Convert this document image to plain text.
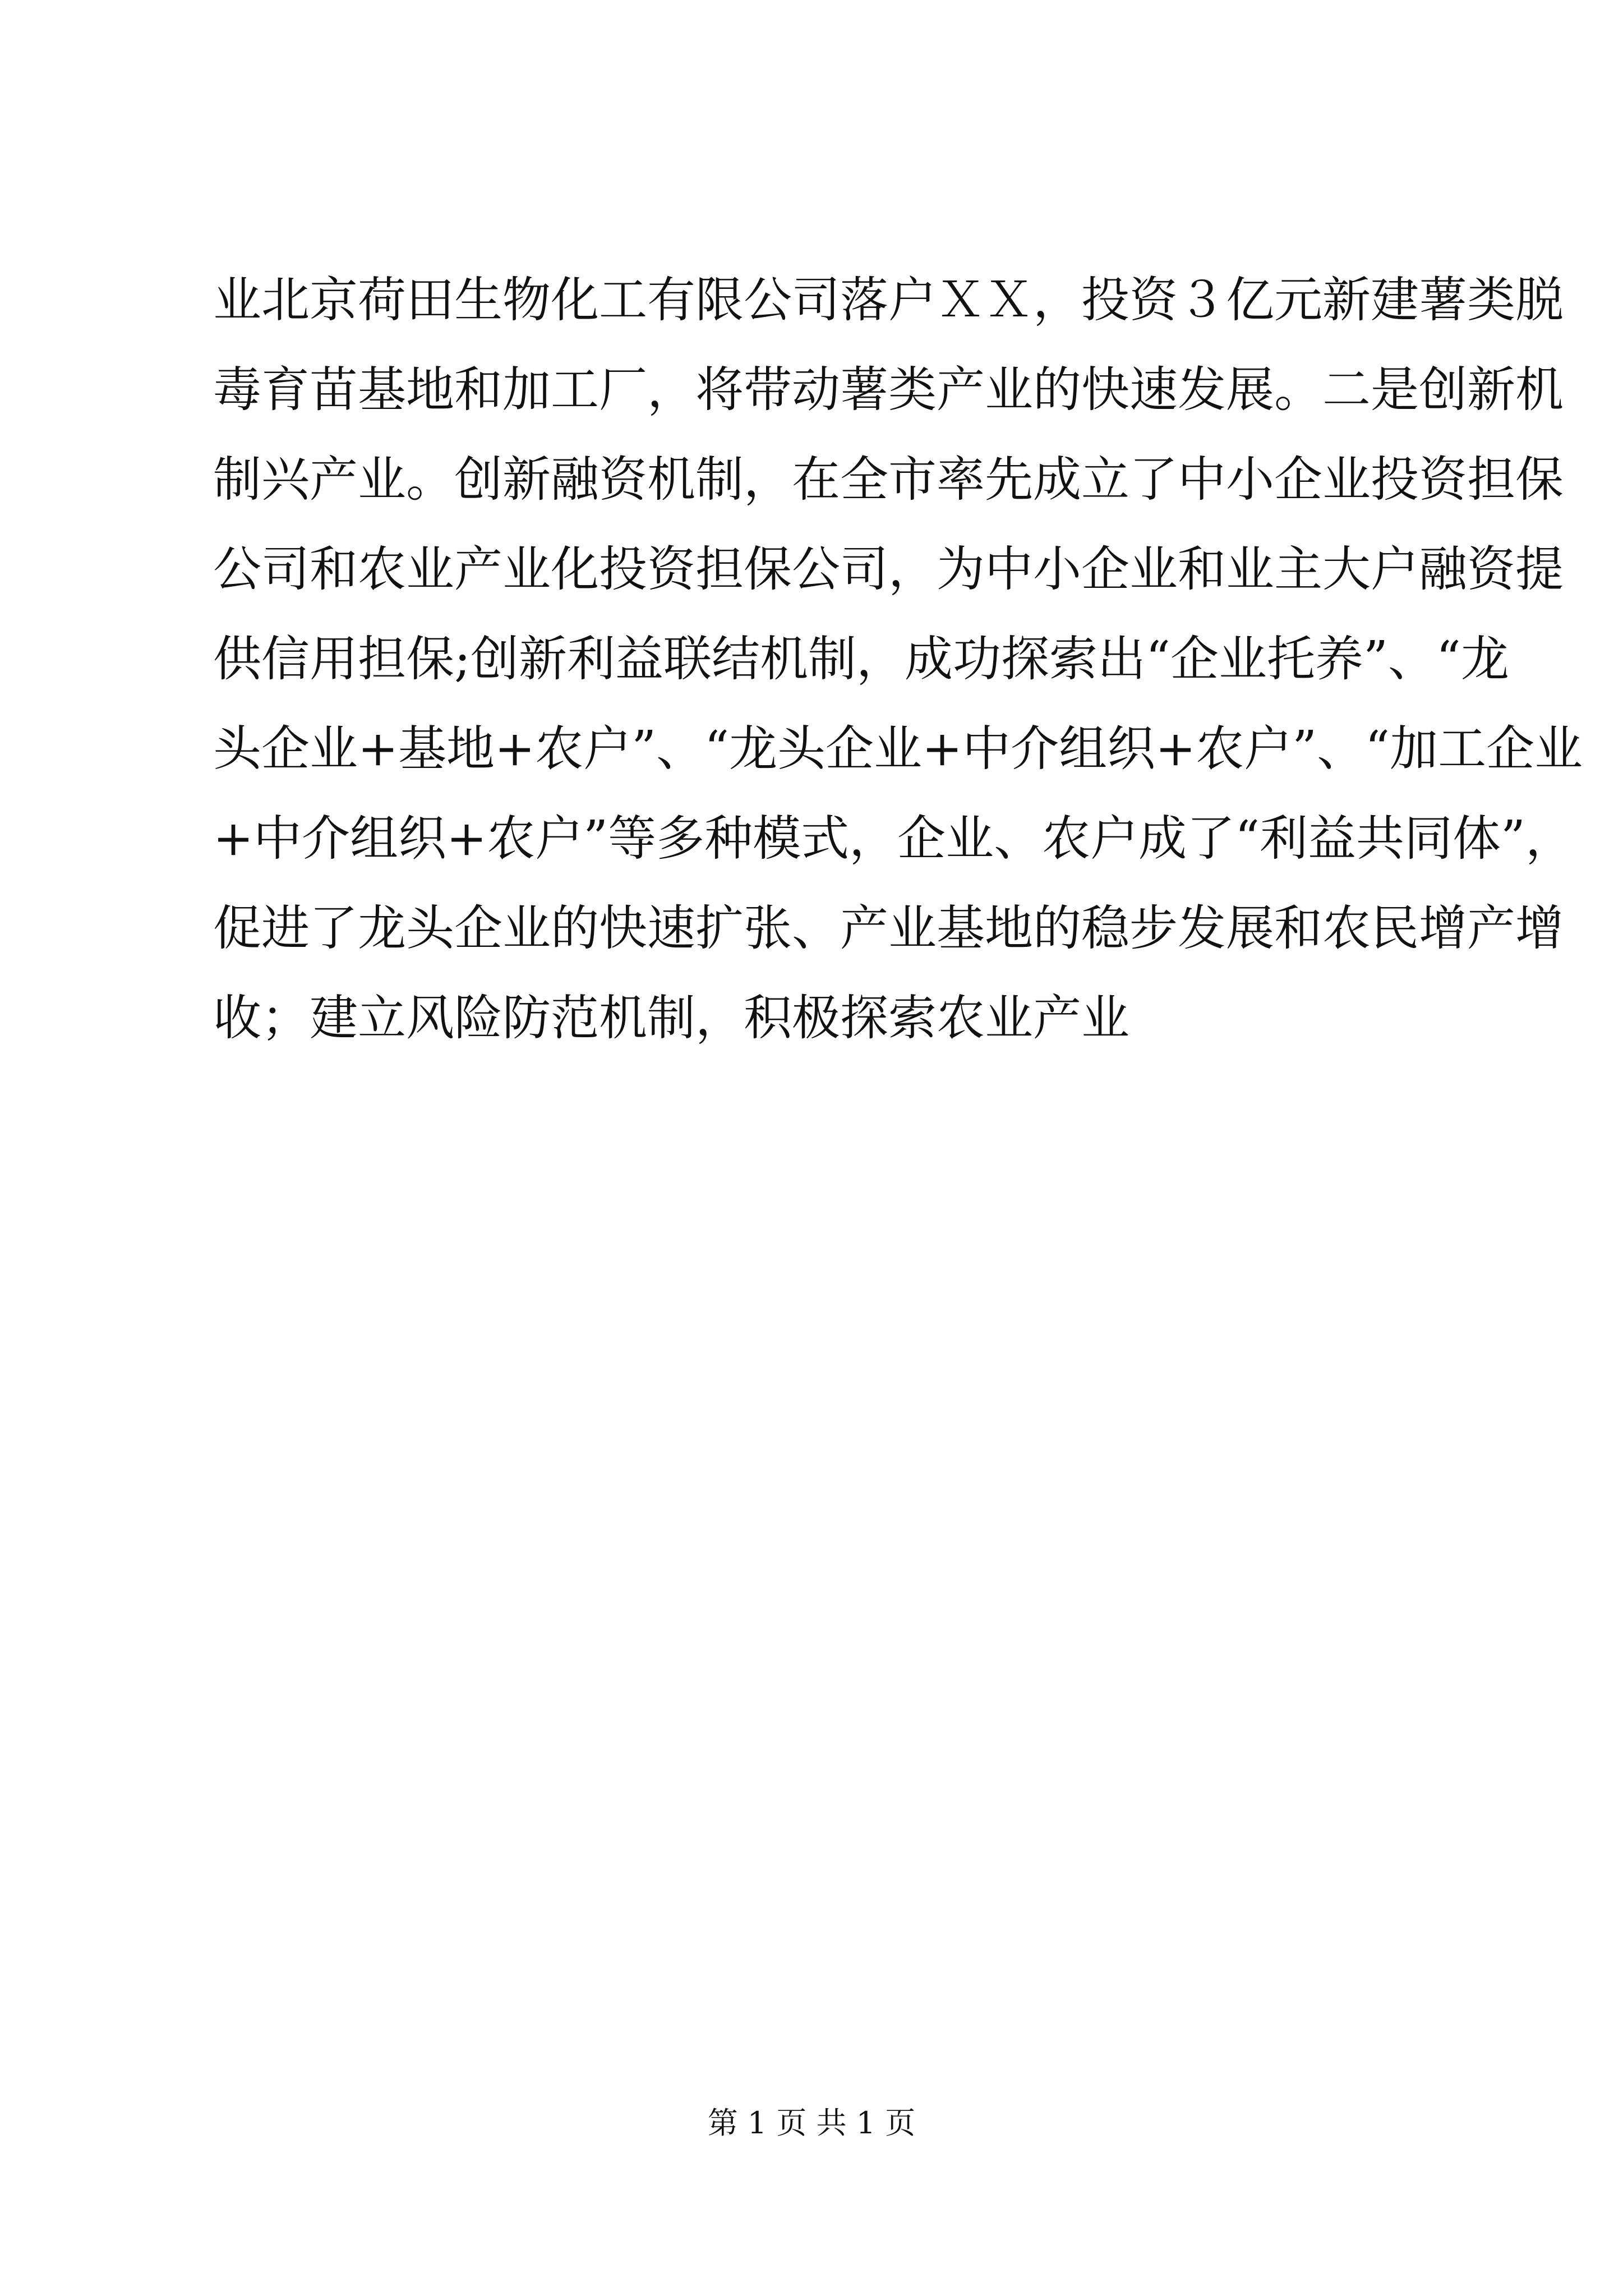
业北京荷田生物化工有限公司落户ＸＸ，投资３亿元新建薯类脱
毒育苗基地和加工厂，将带动薯类产业的快速发展。二是创新机
制兴产业。创新融资机制，在全市率先成立了中小企业投资担保
公司和农业产业化投资担保公司，为中小企业和业主大户融资提
供信用担保;创新利益联结机制，成功探索出“企业托养”、“龙
头企业+基地+农户”、“龙头企业+中介组织+农户”、“加工企业
+中介组织+农户”等多种模式，企业、农户成了“利益共同体”，
促进了龙头企业的快速扩张、产业基地的稳步发展和农民增产增
收；建立风险防范机制，积极探索农业产业
第 1 页 共 1 页
